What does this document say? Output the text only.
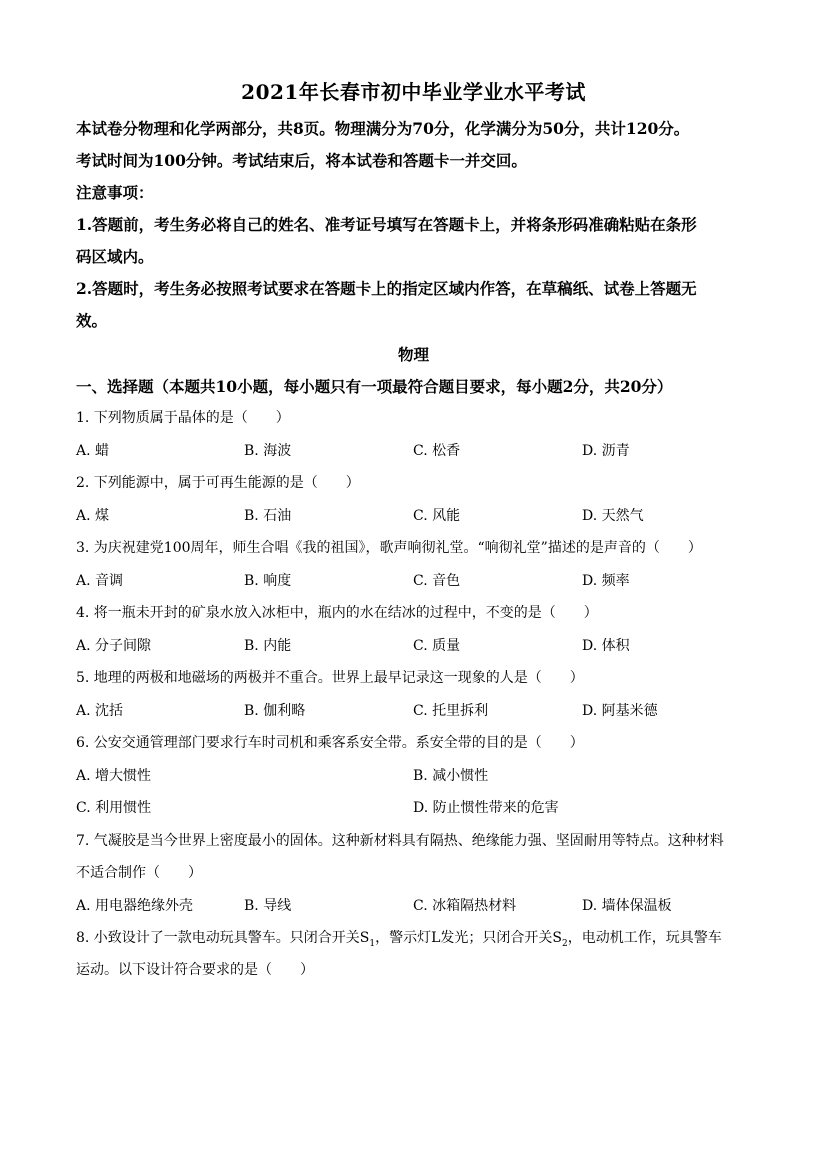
2021年长春市初中毕业学业水平考试
本试卷分物理和化学两部分，共8页。物理满分为70分，化学满分为50分，共计120分。
考试时间为100分钟。考试结束后，将本试卷和答题卡一并交回。
注意事项：
1.答题前，考生务必将自己的姓名、准考证号填写在答题卡上，并将条形码准确粘贴在条形
码区域内。
2.答题时，考生务必按照考试要求在答题卡上的指定区域内作答，在草稿纸、试卷上答题无
效。
物理
一、选择题（本题共10小题，每小题只有一项最符合题目要求，每小题2分，共20分）
1. 下列物质属于晶体的是（　　）
A. 蜡	B. 海波	C. 松香	D. 沥青
2. 下列能源中，属于可再生能源的是（　　）
A. 煤	B. 石油	C. 风能	D. 天然气
3. 为庆祝建党100周年，师生合唱《我的祖国》，歌声响彻礼堂。“响彻礼堂”描述的是声音的（　　）
A. 音调	B. 响度	C. 音色	D. 频率
4. 将一瓶未开封的矿泉水放入冰柜中，瓶内的水在结冰的过程中，不变的是（　　）
A. 分子间隙	B. 内能	C. 质量	D. 体积
5. 地理的两极和地磁场的两极并不重合。世界上最早记录这一现象的人是（　　）
A. 沈括	B. 伽利略	C. 托里拆利	D. 阿基米德
6. 公安交通管理部门要求行车时司机和乘客系安全带。系安全带的目的是（　　）
A. 增大惯性	B. 减小惯性
C. 利用惯性	D. 防止惯性带来的危害
7. 气凝胶是当今世界上密度最小的固体。这种新材料具有隔热、绝缘能力强、坚固耐用等特点。这种材料
不适合制作（　　）
A. 用电器绝缘外壳	B. 导线	C. 冰箱隔热材料	D. 墙体保温板
8. 小致设计了一款电动玩具警车。只闭合开关$S_1$，警示灯L发光；只闭合开关$S_2$，电动机工作，玩具警车
运动。以下设计符合要求的是（　　）
